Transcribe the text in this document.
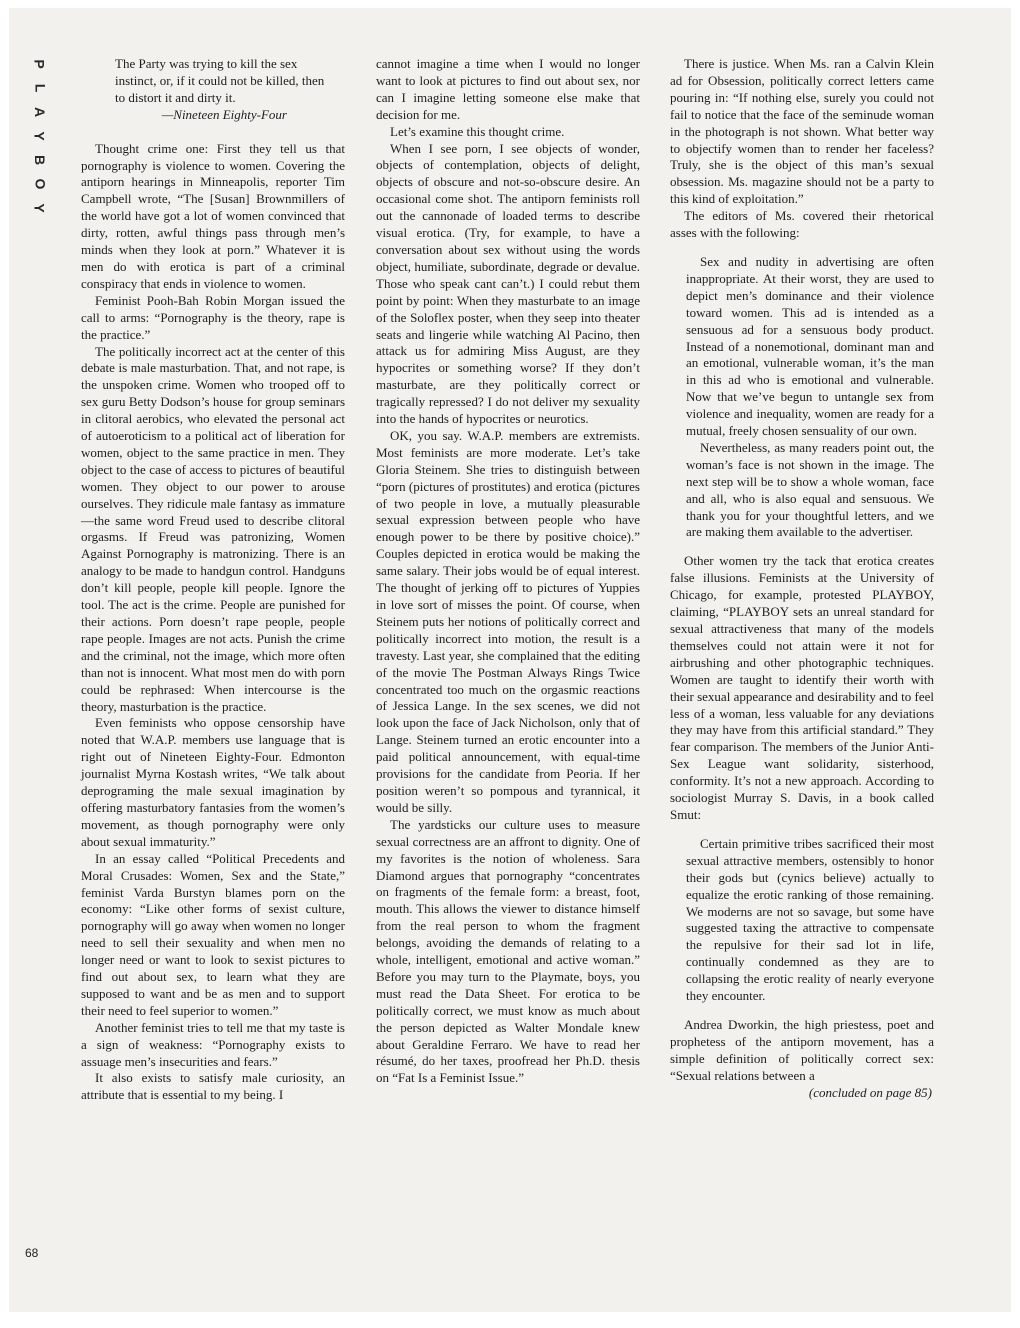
P
L
A
Y
B
O
Y
68

The Party was trying to kill the sex instinct, or, if it could not be killed, then to distort it and dirty it.

—Nineteen Eighty-Four

Thought crime one: First they tell us that pornography is violence to women. Covering the antiporn hearings in Minneapolis, reporter Tim Campbell wrote, “The [Susan] Brownmillers of the world have got a lot of women convinced that dirty, rotten, awful things pass through men’s minds when they look at porn.” Whatever it is men do with erotica is part of a criminal conspiracy that ends in violence to women.

Feminist Pooh-Bah Robin Morgan issued the call to arms: “Pornography is the theory, rape is the practice.”

The politically incorrect act at the center of this debate is male masturbation. That, and not rape, is the unspoken crime. Women who trooped off to sex guru Betty Dodson’s house for group seminars in clitoral aerobics, who elevated the personal act of autoeroticism to a political act of liberation for women, object to the same practice in men. They object to the case of access to pictures of beautiful women. They object to our power to arouse ourselves. They ridicule male fantasy as immature—the same word Freud used to describe clitoral orgasms. If Freud was patronizing, Women Against Pornography is matronizing. There is an analogy to be made to handgun control. Handguns don’t kill people, people kill people. Ignore the tool. The act is the crime. People are punished for their actions. Porn doesn’t rape people, people rape people. Images are not acts. Punish the crime and the criminal, not the image, which more often than not is innocent. What most men do with porn could be rephrased: When intercourse is the theory, masturbation is the practice.

Even feminists who oppose censorship have noted that W.A.P. members use language that is right out of Nineteen Eighty-Four. Edmonton journalist Myrna Kostash writes, “We talk about deprograming the male sexual imagination by offering masturbatory fantasies from the women’s movement, as though pornography were only about sexual immaturity.”

In an essay called “Political Precedents and Moral Crusades: Women, Sex and the State,” feminist Varda Burstyn blames porn on the economy: “Like other forms of sexist culture, pornography will go away when women no longer need to sell their sexuality and when men no longer need or want to look to sexist pictures to find out about sex, to learn what they are supposed to want and be as men and to support their need to feel superior to women.”

Another feminist tries to tell me that my taste is a sign of weakness: “Pornography exists to assuage men’s insecurities and fears.”

It also exists to satisfy male curiosity, an attribute that is essential to my being. I

cannot imagine a time when I would no longer want to look at pictures to find out about sex, nor can I imagine letting someone else make that decision for me.

Let’s examine this thought crime.

When I see porn, I see objects of wonder, objects of contemplation, objects of delight, objects of obscure and not-so-obscure desire. An occasional come shot. The antiporn feminists roll out the cannonade of loaded terms to describe visual erotica. (Try, for example, to have a conversation about sex without using the words object, humiliate, subordinate, degrade or devalue. Those who speak cant can’t.) I could rebut them point by point: When they masturbate to an image of the Soloflex poster, when they seep into theater seats and lingerie while watching Al Pacino, then attack us for admiring Miss August, are they hypocrites or something worse? If they don’t masturbate, are they politically correct or tragically repressed? I do not deliver my sexuality into the hands of hypocrites or neurotics.

OK, you say. W.A.P. members are extremists. Most feminists are more moderate. Let’s take Gloria Steinem. She tries to distinguish between “porn (pictures of prostitutes) and erotica (pictures of two people in love, a mutually pleasurable sexual expression between people who have enough power to be there by positive choice).” Couples depicted in erotica would be making the same salary. Their jobs would be of equal interest. The thought of jerking off to pictures of Yuppies in love sort of misses the point. Of course, when Steinem puts her notions of politically correct and politically incorrect into motion, the result is a travesty. Last year, she complained that the editing of the movie The Postman Always Rings Twice concentrated too much on the orgasmic reactions of Jessica Lange. In the sex scenes, we did not look upon the face of Jack Nicholson, only that of Lange. Steinem turned an erotic encounter into a paid political announcement, with equal-time provisions for the candidate from Peoria. If her position weren’t so pompous and tyrannical, it would be silly.

The yardsticks our culture uses to measure sexual correctness are an affront to dignity. One of my favorites is the notion of wholeness. Sara Diamond argues that pornography “concentrates on fragments of the female form: a breast, foot, mouth. This allows the viewer to distance himself from the real person to whom the fragment belongs, avoiding the demands of relating to a whole, intelligent, emotional and active woman.” Before you may turn to the Playmate, boys, you must read the Data Sheet. For erotica to be politically correct, we must know as much about the person depicted as Walter Mondale knew about Geraldine Ferraro. We have to read her résumé, do her taxes, proofread her Ph.D. thesis on “Fat Is a Feminist Issue.”

There is justice. When Ms. ran a Calvin Klein ad for Obsession, politically correct letters came pouring in: “If nothing else, surely you could not fail to notice that the face of the seminude woman in the photograph is not shown. What better way to objectify women than to render her faceless? Truly, she is the object of this man’s sexual obsession. Ms. magazine should not be a party to this kind of exploitation.”

The editors of Ms. covered their rhetorical asses with the following:

Sex and nudity in advertising are often inappropriate. At their worst, they are used to depict men’s dominance and their violence toward women. This ad is intended as a sensuous ad for a sensuous body product. Instead of a nonemotional, dominant man and an emotional, vulnerable woman, it’s the man in this ad who is emotional and vulnerable. Now that we’ve begun to untangle sex from violence and inequality, women are ready for a mutual, freely chosen sensuality of our own.

Nevertheless, as many readers point out, the woman’s face is not shown in the image. The next step will be to show a whole woman, face and all, who is also equal and sensuous. We thank you for your thoughtful letters, and we are making them available to the advertiser.

Other women try the tack that erotica creates false illusions. Feminists at the University of Chicago, for example, protested PLAYBOY, claiming, “PLAYBOY sets an unreal standard for sexual attractiveness that many of the models themselves could not attain were it not for airbrushing and other photographic techniques. Women are taught to identify their worth with their sexual appearance and desirability and to feel less of a woman, less valuable for any deviations they may have from this artificial standard.” They fear comparison. The members of the Junior Anti-Sex League want solidarity, sisterhood, conformity. It’s not a new approach. According to sociologist Murray S. Davis, in a book called Smut:

Certain primitive tribes sacrificed their most sexual attractive members, ostensibly to honor their gods but (cynics believe) actually to equalize the erotic ranking of those remaining. We moderns are not so savage, but some have suggested taxing the attractive to compensate the repulsive for their sad lot in life, continually condemned as they are to collapsing the erotic reality of nearly everyone they encounter.

Andrea Dworkin, the high priestess, poet and prophetess of the antiporn movement, has a simple definition of politically correct sex: “Sexual relations between a

(concluded on page 85)
